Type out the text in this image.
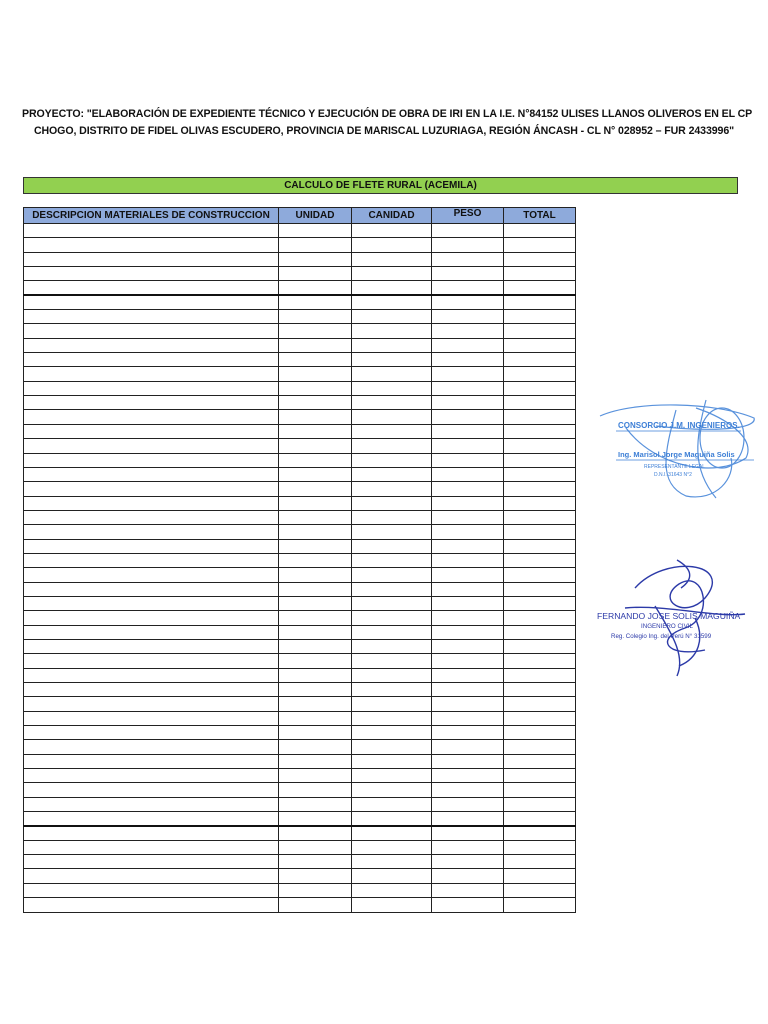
PROYECTO: "ELABORACIÓN DE EXPEDIENTE TÉCNICO Y EJECUCIÓN DE OBRA DE IRI EN LA I.E. N°84152 ULISES LLANOS OLIVEROS EN EL CP
CHOGO, DISTRITO DE FIDEL OLIVAS ESCUDERO, PROVINCIA DE MARISCAL LUZURIAGA, REGIÓN ÁNCASH - CL N° 028952 – FUR 2433996"
CALCULO DE FLETE RURAL (ACEMILA)
DESCRIPCION MATERIALES DE CONSTRUCCION	UNIDAD	CANIDAD	PESO	TOTAL

CONSORCIO J.M. INGENIEROS.
Ing. Marisol Jorge Maguiña Solis
REPRESENTANTE LEGAL
D.N.I. 31643 N°2
FERNANDO JOSE SOLIS MAGUIÑA
INGENIERO CIVIL
Reg. Colegio Ing. del Perú N° 31599
